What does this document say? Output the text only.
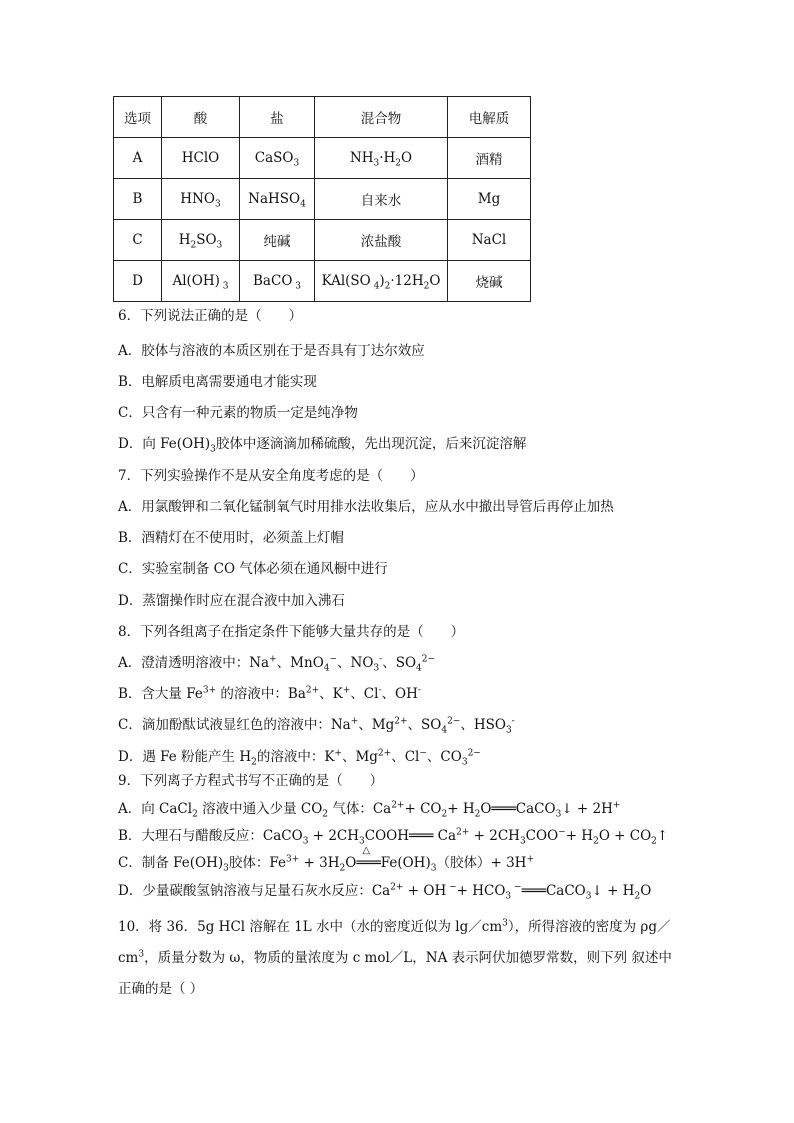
选项	酸	盐	混合物	电解质
A	HClO	CaSO$_3$	$NH_3\cdot H_2O$	酒精
B	$HNO_3$	NaHSO$_4$	自来水	Mg
C	$H_2SO_3$	纯碱	浓盐酸	NaCl
D	Al(OH) $_3$	BaCO $_3$	KAl(SO $_4)_2\cdot 12H_2O$	烧碱
6．下列说法正确的是（　　）
A．胶体与溶液的本质区别在于是否具有丁达尔效应
B．电解质电离需要通电才能实现
C．只含有一种元素的物质一定是纯净物
D．向 $Fe(OH)_3$胶体中逐滴滴加稀硫酸，先出现沉淀，后来沉淀溶解
7．下列实验操作不是从安全角度考虑的是（　　）
A．用氯酸钾和二氧化锰制氧气时用排水法收集后，应从水中撤出导管后再停止加热
B．酒精灯在不使用时，必须盖上灯帽
C．实验室制备 CO 气体必须在通风橱中进行
D．蒸馏操作时应在混合液中加入沸石
8．下列各组离子在指定条件下能够大量共存的是（　　）
A．澄清透明溶液中：Na+、MnO$_4$−、$NO_3^-$、$SO_4^{2-}$
B．含大量 $Fe^{3+}$ 的溶液中：$Ba^{2+}$、K+、Cl-、OH-
C．滴加酚酞试液显红色的溶液中：Na+、$Mg^{2+}$、$SO_4^{2-}$、$HSO_3^-$
D．遇 Fe 粉能产生 $H_2$的溶液中：K+、$Mg^{2+}$、Cl−、$CO_3^{2-}$
9．下列离子方程式书写不正确的是（　　）
A．向 CaCl$_2$ 溶液中通入少量 $CO_2$ 气体：$Ca^{2+}+ CO_2+$ $H_2O═══CaCO_3↓ + 2H^+$
B．大理石与醋酸反应：CaCO$_3$ + $2CH_3COOH═══$ $Ca^{2+} + 2CH_3COO^-+ H_2O$ + $CO_2↑$
C．制备 $Fe(OH)_3$胶体：$Fe^{3+} + 3H_2O$
△
$═══Fe(OH)_3$（胶体）+ 3H+
D．少量碳酸氢钠溶液与足量石灰水反应：$Ca^{2+}$ + OH $^-+ HCO_3$ −═══CaCO$_3$↓ + $H_2O$
10．将 36．5g HCl 溶解在 1L 水中（水的密度近似为 $\lg/cm^3$），所得溶液的密度为 $\rho g/cm^3$，质量分数为 ω，物质的量浓度为 c mol／L，NA 表示阿伏加德罗常数，则下列 叙述中正确的是（ ）
